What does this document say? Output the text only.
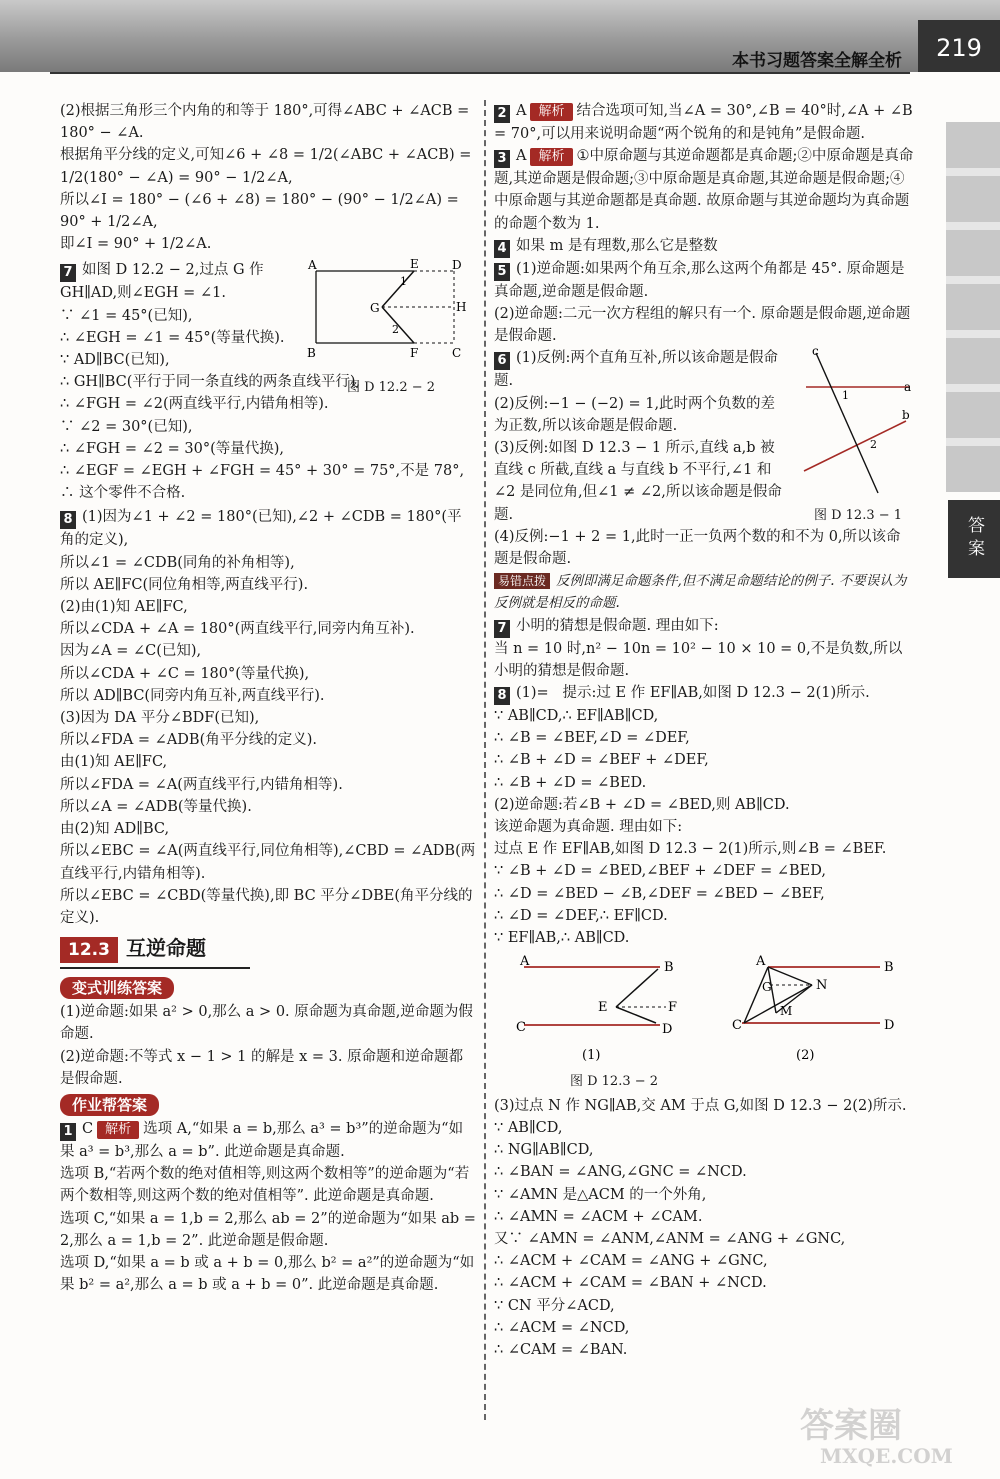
本书习题答案全解全析	219
答案
(2)根据三角形三个内角的和等于 180°,可得∠ABC + ∠ACB = 180° − ∠A.
根据角平分线的定义,可知∠6 + ∠8 = 1/2(∠ABC + ∠ACB) = 1/2(180° − ∠A) = 90° − 1/2∠A,
所以∠I = 180° − (∠6 + ∠8) = 180° − (90° − 1/2∠A) = 90° + 1/2∠A,
即∠I = 90° + 1/2∠A.
7 如图 D 12.2 − 2,过点 G 作
GH∥AD,则∠EGH = ∠1.
∵ ∠1 = 45°(已知),
∴ ∠EGH = ∠1 = 45°(等量代换).
∵ AD∥BC(已知),
A	E	D
G	H
B	F	C
1
2
图 D 12.2 − 2
∴ GH∥BC(平行于同一条直线的两条直线平行),
∴ ∠FGH = ∠2(两直线平行,内错角相等).
∵ ∠2 = 30°(已知),
∴ ∠FGH = ∠2 = 30°(等量代换),
∴ ∠EGF = ∠EGH + ∠FGH = 45° + 30° = 75°,不是 78°,
∴ 这个零件不合格.
8 (1)因为∠1 + ∠2 = 180°(已知),∠2 + ∠CDB = 180°(平角的定义),
所以∠1 = ∠CDB(同角的补角相等),
所以 AE∥FC(同位角相等,两直线平行).
(2)由(1)知 AE∥FC,
所以∠CDA + ∠A = 180°(两直线平行,同旁内角互补).
因为∠A = ∠C(已知),
所以∠CDA + ∠C = 180°(等量代换),
所以 AD∥BC(同旁内角互补,两直线平行).
(3)因为 DA 平分∠BDF(已知),
所以∠FDA = ∠ADB(角平分线的定义).
由(1)知 AE∥FC,
所以∠FDA = ∠A(两直线平行,内错角相等).
所以∠A = ∠ADB(等量代换).
由(2)知 AD∥BC,
所以∠EBC = ∠A(两直线平行,同位角相等),∠CBD = ∠ADB(两直线平行,内错角相等).
所以∠EBC = ∠CBD(等量代换),即 BC 平分∠DBE(角平分线的定义).
12.3 互逆命题
变式训练答案
(1)逆命题:如果 a² > 0,那么 a > 0. 原命题为真命题,逆命题为假命题.
(2)逆命题:不等式 x − 1 > 1 的解是 x = 3. 原命题和逆命题都是假命题.
作业帮答案
1 C 解析 选项 A,“如果 a = b,那么 a³ = b³”的逆命题为“如果 a³ = b³,那么 a = b”. 此逆命题是真命题.
选项 B,“若两个数的绝对值相等,则这两个数相等”的逆命题为“若两个数相等,则这两个数的绝对值相等”. 此逆命题是真命题.
选项 C,“如果 a = 1,b = 2,那么 ab = 2”的逆命题为“如果 ab = 2,那么 a = 1,b = 2”. 此逆命题是假命题.
选项 D,“如果 a = b 或 a + b = 0,那么 b² = a²”的逆命题为“如果 b² = a²,那么 a = b 或 a + b = 0”. 此逆命题是真命题.
2 A 解析 结合选项可知,当∠A = 30°,∠B = 40°时,∠A + ∠B = 70°,可以用来说明命题“两个锐角的和是钝角”是假命题.
3 A 解析 ①中原命题与其逆命题都是真命题;②中原命题是真命题,其逆命题是假命题;③中原命题是真命题,其逆命题是假命题;④中原命题与其逆命题都是真命题. 故原命题与其逆命题均为真命题的命题个数为 1.
4 如果 m 是有理数,那么它是整数
5 (1)逆命题:如果两个角互余,那么这两个角都是 45°. 原命题是真命题,逆命题是假命题.
(2)逆命题:二元一次方程组的解只有一个. 原命题是假命题,逆命题是假命题.
6 (1)反例:两个直角互补,所以该命题是假命题.
(2)反例:−1 − (−2) = 1,此时两个负数的差为正数,所以该命题是假命题.
(3)反例:如图 D 12.3 − 1 所示,直线 a,b 被直线 c 所截,直线 a 与直线 b 不平行,∠1 和∠2 是同位角,但∠1 ≠ ∠2,所以该命题是假命题.
c
a
b
1
2
图 D 12.3 − 1
(4)反例:−1 + 2 = 1,此时一正一负两个数的和不为 0,所以该命题是假命题.
易错点拨 反例即满足命题条件,但不满足命题结论的例子. 不要误认为反例就是相反的命题.
7 小明的猜想是假命题. 理由如下:
当 n = 10 时,n² − 10n = 10² − 10 × 10 = 0,不是负数,所以小明的猜想是假命题.
8 (1)=   提示:过 E 作 EF∥AB,如图 D 12.3 − 2(1)所示.
∵ AB∥CD,∴ EF∥AB∥CD,
∴ ∠B = ∠BEF,∠D = ∠DEF,
∴ ∠B + ∠D = ∠BEF + ∠DEF,
∴ ∠B + ∠D = ∠BED.
(2)逆命题:若∠B + ∠D = ∠BED,则 AB∥CD.
该逆命题为真命题. 理由如下:
过点 E 作 EF∥AB,如图 D 12.3 − 2(1)所示,则∠B = ∠BEF.
∵ ∠B + ∠D = ∠BED,∠BEF + ∠DEF = ∠BED,
∴ ∠D = ∠BED − ∠B,∠DEF = ∠BED − ∠BEF,
∴ ∠D = ∠DEF,∴ EF∥CD.
∵ EF∥AB,∴ AB∥CD.
A	B
E	F
C	D
(1)
A	B
G	N
M
C	D
(2)
图 D 12.3 − 2
(3)过点 N 作 NG∥AB,交 AM 于点 G,如图 D 12.3 − 2(2)所示.
∵ AB∥CD,
∴ NG∥AB∥CD,
∴ ∠BAN = ∠ANG,∠GNC = ∠NCD.
∵ ∠AMN 是△ACM 的一个外角,
∴ ∠AMN = ∠ACM + ∠CAM.
又∵ ∠AMN = ∠ANM,∠ANM = ∠ANG + ∠GNC,
∴ ∠ACM + ∠CAM = ∠ANG + ∠GNC,
∴ ∠ACM + ∠CAM = ∠BAN + ∠NCD.
∵ CN 平分∠ACD,
∴ ∠ACM = ∠NCD,
∴ ∠CAM = ∠BAN.
答案圈
MXQE.COM
